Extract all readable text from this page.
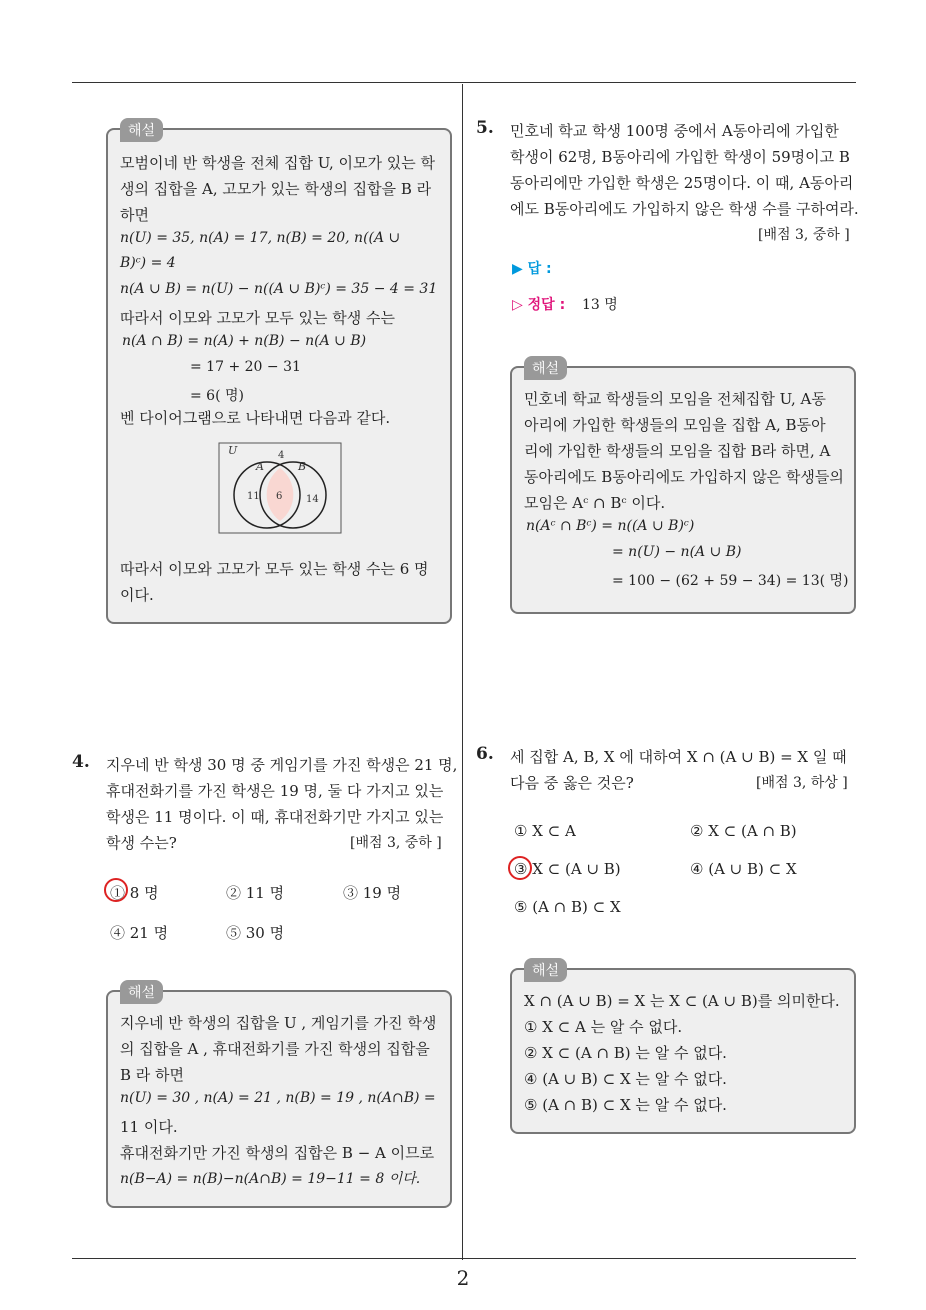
2
해설
모범이네 반 학생을 전체 집합 U, 이모가 있는 학
생의 집합을 A, 고모가 있는 학생의 집합을 B 라
하면
n(U) = 35, n(A) = 17, n(B) = 20, n((A ∪
B)ᶜ) = 4
n(A ∪ B) = n(U) − n((A ∪ B)ᶜ) = 35 − 4 = 31
따라서 이모와 고모가 모두 있는 학생 수는
n(A ∩ B) = n(A) + n(B) − n(A ∪ B)
= 17 + 20 − 31
= 6( 명)
벤 다이어그램으로 나타내면 다음과 같다.
U	4
A	B
11 6 14
따라서 이모와 고모가 모두 있는 학생 수는 6 명
이다.
4. 지우네 반 학생 30 명 중 게임기를 가진 학생은 21 명,
휴대전화기를 가진 학생은 19 명, 둘 다 가지고 있는
학생은 11 명이다. 이 때, 휴대전화기만 가지고 있는
학생 수는?	[배점 3, 중하 ]
① 8 명	② 11 명	③ 19 명
④ 21 명	⑤ 30 명
해설
지우네 반 학생의 집합을 U , 게임기를 가진 학생
의 집합을 A , 휴대전화기를 가진 학생의 집합을
B 라 하면
n(U) = 30 , n(A) = 21 , n(B) = 19 , n(A∩B) =
11 이다.
휴대전화기만 가진 학생의 집합은 B − A 이므로
n(B−A) = n(B)−n(A∩B) = 19−11 = 8 이다.
5. 민호네 학교 학생 100명 중에서 A동아리에 가입한
학생이 62명, B동아리에 가입한 학생이 59명이고 B
동아리에만 가입한 학생은 25명이다. 이 때, A동아리
에도 B동아리에도 가입하지 않은 학생 수를 구하여라.
[배점 3, 중하 ]
▶ 답 :
▷ 정답 : 13 명
해설
민호네 학교 학생들의 모임을 전체집합 U, A동
아리에 가입한 학생들의 모임을 집합 A, B동아
리에 가입한 학생들의 모임을 집합 B라 하면, A
동아리에도 B동아리에도 가입하지 않은 학생들의
모임은 Aᶜ ∩ Bᶜ 이다.
n(Aᶜ ∩ Bᶜ) = n((A ∪ B)ᶜ)
= n(U) − n(A ∪ B)
= 100 − (62 + 59 − 34) = 13( 명)
6. 세 집합 A, B, X 에 대하여 X ∩ (A ∪ B) = X 일 때
다음 중 옳은 것은?	[배점 3, 하상 ]
① X ⊂ A	② X ⊂ (A ∩ B)
③ X ⊂ (A ∪ B)	④ (A ∪ B) ⊂ X
⑤ (A ∩ B) ⊂ X
해설
X ∩ (A ∪ B) = X 는 X ⊂ (A ∪ B)를 의미한다.
① X ⊂ A 는 알 수 없다.
② X ⊂ (A ∩ B) 는 알 수 없다.
④ (A ∪ B) ⊂ X 는 알 수 없다.
⑤ (A ∩ B) ⊂ X 는 알 수 없다.
